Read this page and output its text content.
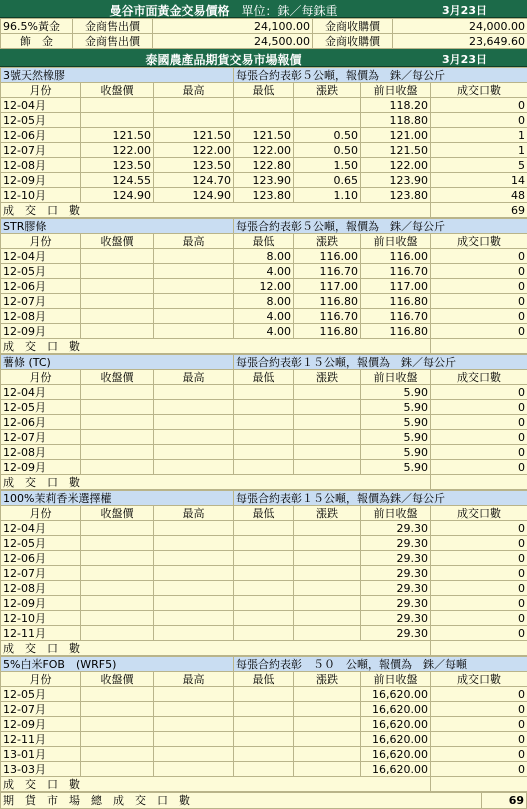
曼谷市面黃金交易價格　 單位：銖／每銖重	3月23日
96.5%黃金	金商售出價	24,100.00	金商收購價	24,000.00
飾　金	金商售出價	24,500.00	金商收購價	23,649.60
泰國農產品期貨交易市場報價	3月23日
3號天然橡膠			每張合約表彰５公噸，報價為　銖／每公斤			
月份	收盤價	最高	最低	漲跌	前日收盤	成交口數
12-04月					118.20	0
12-05月					118.80	0
12-06月	121.50	121.50	121.50	0.50	121.00	1
12-07月	122.00	122.00	122.00	0.50	121.50	1
12-08月	123.50	123.50	122.80	1.50	122.00	5
12-09月	124.55	124.70	123.90	0.65	123.90	14
12-10月	124.90	124.90	123.80	1.10	123.80	48
成　交　口　數						69
STR膠條			每張合約表彰５公噸，報價為　銖／每公斤			
月份	收盤價	最高	最低	漲跌	前日收盤	成交口數
12-04月			8.00	116.00	116.00	0
12-05月			4.00	116.70	116.70	0
12-06月			12.00	117.00	117.00	0
12-07月			8.00	116.80	116.80	0
12-08月			4.00	116.70	116.70	0
12-09月			4.00	116.80	116.80	0
成　交　口　數						
薯條 (TC)			每張合約表彰１５公噸，報價為　銖／每公斤			
月份	收盤價	最高	最低	漲跌	前日收盤	成交口數
12-04月					5.90	0
12-05月					5.90	0
12-06月					5.90	0
12-07月					5.90	0
12-08月					5.90	0
12-09月					5.90	0
成　交　口　數						
100%茉莉香米選擇權			每張合約表彰１５公噸，報價為銖／每公斤			
月份	收盤價	最高	最低	漲跌	前日收盤	成交口數
12-04月					29.30	0
12-05月					29.30	0
12-06月					29.30	0
12-07月					29.30	0
12-08月					29.30	0
12-09月					29.30	0
12-10月					29.30	0
12-11月					29.30	0
成　交　口　數						
5%白米FOB　(WRF5)			每張合約表彰　５０　公噸，報價為　銖／每噸			
月份	收盤價	最高	最低	漲跌	前日收盤	成交口數
12-05月					16,620.00	0
12-07月					16,620.00	0
12-09月					16,620.00	0
12-11月					16,620.00	0
13-01月					16,620.00	0
13-03月					16,620.00	0
成　交　口　數						
期　貨　市　場　總　成　交　口　數	69
